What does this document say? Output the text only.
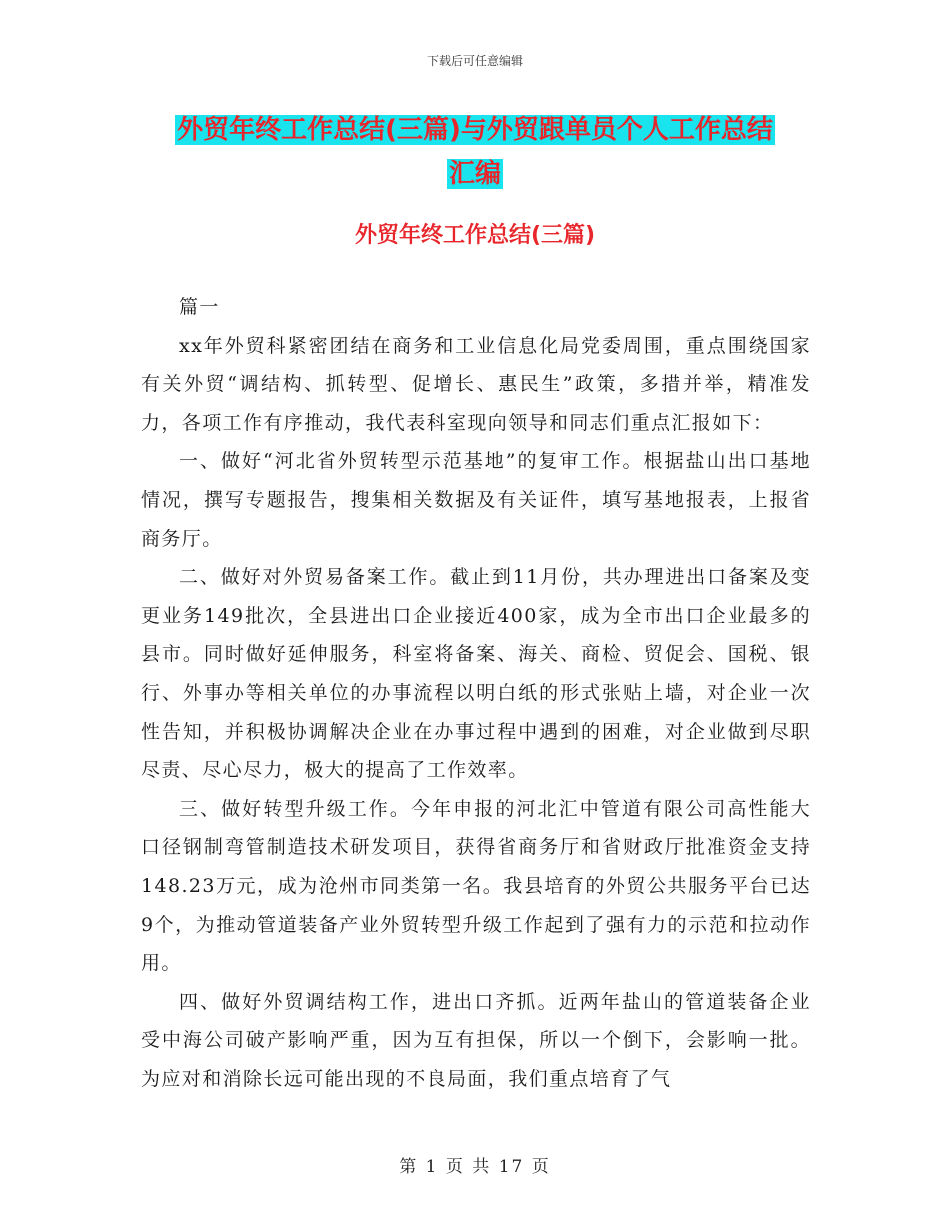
下载后可任意编辑
外贸年终工作总结(三篇)与外贸跟单员个人工作总结
汇编
外贸年终工作总结(三篇)

篇一

xx年外贸科紧密团结在商务和工业信息化局党委周围，重点围绕国家有关外贸“调结构、抓转型、促增长、惠民生”政策，多措并举，精准发力，各项工作有序推动，我代表科室现向领导和同志们重点汇报如下：

一、做好“河北省外贸转型示范基地”的复审工作。根据盐山出口基地情况，撰写专题报告，搜集相关数据及有关证件，填写基地报表，上报省商务厅。

二、做好对外贸易备案工作。截止到11月份，共办理进出口备案及变更业务149批次，全县进出口企业接近400家，成为全市出口企业最多的县市。同时做好延伸服务，科室将备案、海关、商检、贸促会、国税、银行、外事办等相关单位的办事流程以明白纸的形式张贴上墙，对企业一次性告知，并积极协调解决企业在办事过程中遇到的困难，对企业做到尽职尽责、尽心尽力，极大的提高了工作效率。

三、做好转型升级工作。今年申报的河北汇中管道有限公司高性能大口径钢制弯管制造技术研发项目，获得省商务厅和省财政厅批准资金支持148.23万元，成为沧州市同类第一名。我县培育的外贸公共服务平台已达9个，为推动管道装备产业外贸转型升级工作起到了强有力的示范和拉动作用。

四、做好外贸调结构工作，进出口齐抓。近两年盐山的管道装备企业受中海公司破产影响严重，因为互有担保，所以一个倒下，会影响一批。为应对和消除长远可能出现的不良局面，我们重点培育了气

第 1 页 共 17 页
